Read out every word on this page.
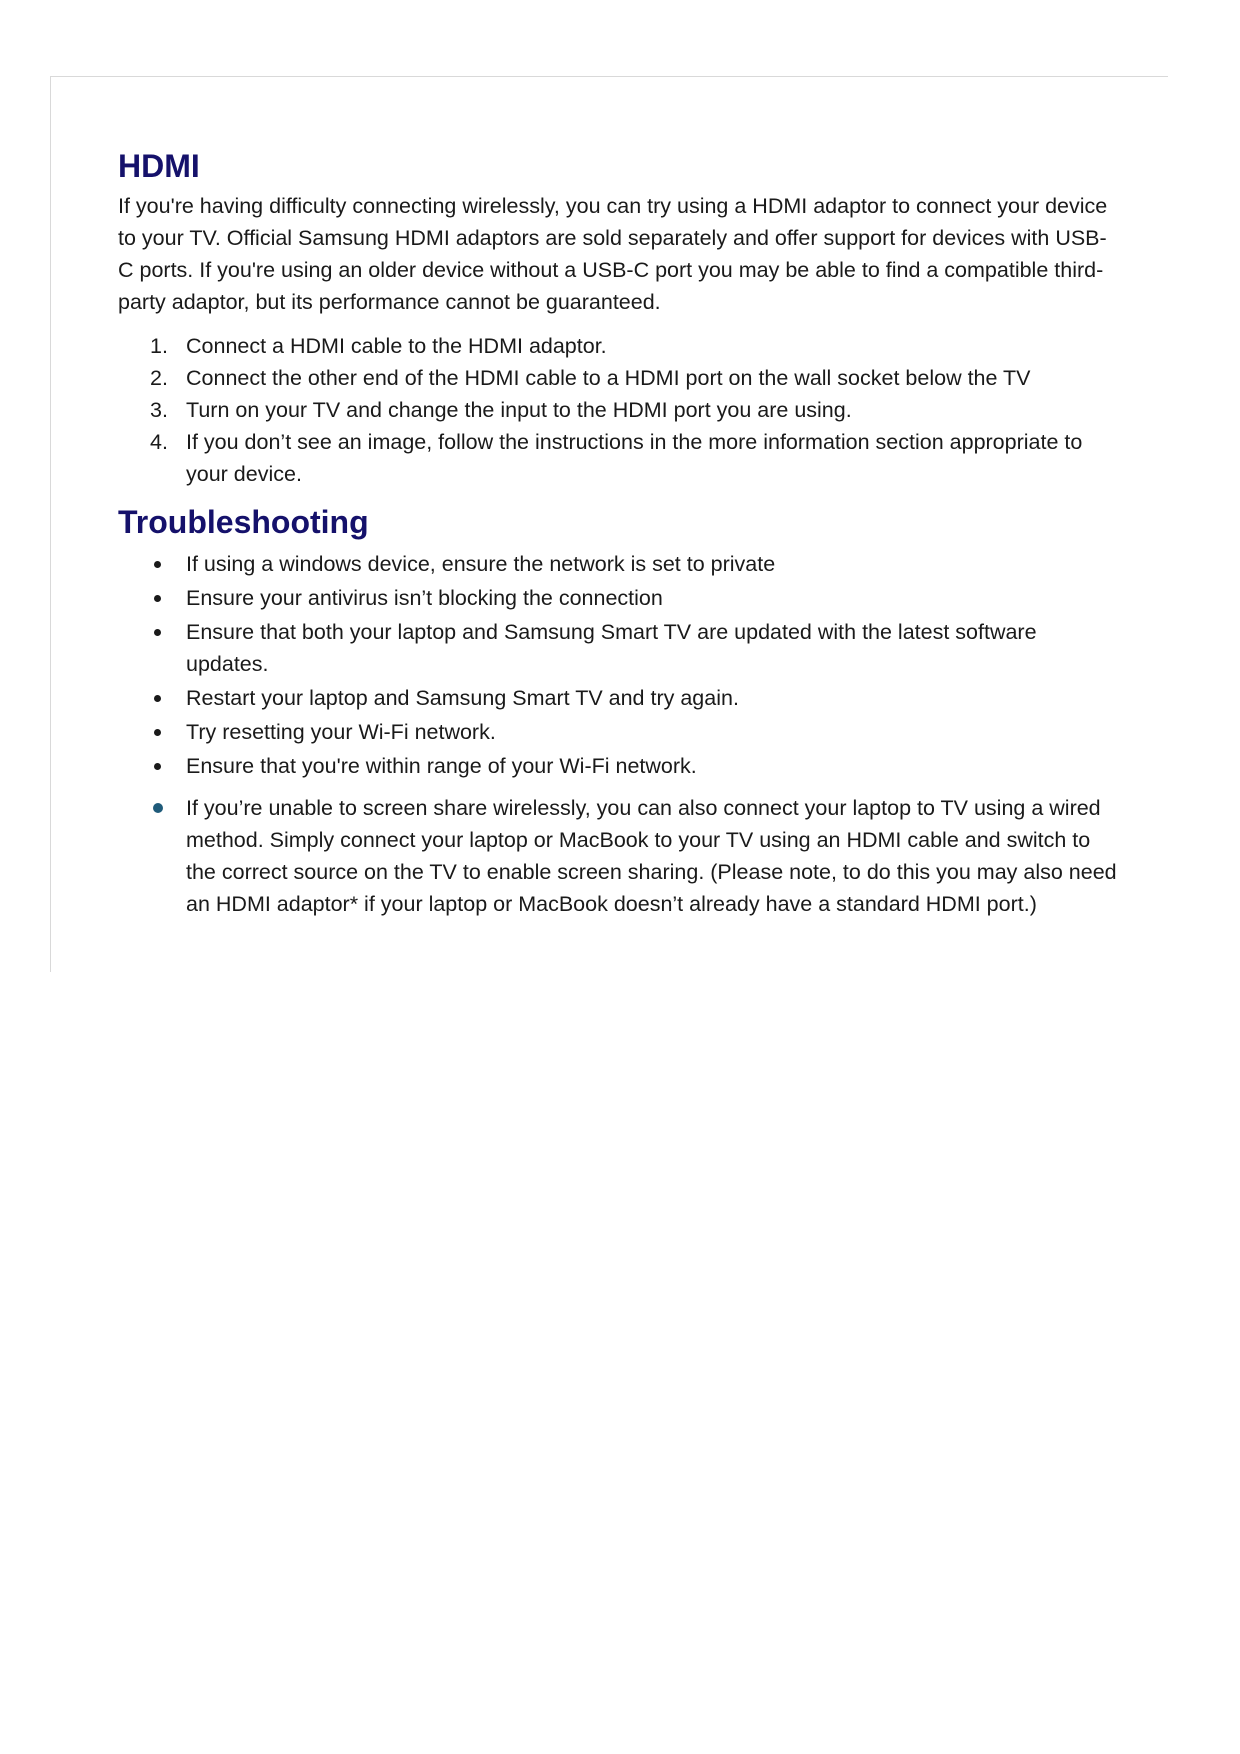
HDMI

If you're having difficulty connecting wirelessly, you can try using a HDMI adaptor to connect your device to your TV. Official Samsung HDMI adaptors are sold separately and offer support for devices with USB-C ports. If you're using an older device without a USB-C port you may be able to find a compatible third-party adaptor, but its performance cannot be guaranteed.

1. Connect a HDMI cable to the HDMI adaptor.
2. Connect the other end of the HDMI cable to a HDMI port on the wall socket below the TV
3. Turn on your TV and change the input to the HDMI port you are using.
4. If you don’t see an image, follow the instructions in the more information section appropriate to your device.
Troubleshooting
If using a windows device, ensure the network is set to private
Ensure your antivirus isn’t blocking the connection
Ensure that both your laptop and Samsung Smart TV are updated with the latest software updates.
Restart your laptop and Samsung Smart TV and try again.
Try resetting your Wi-Fi network.
Ensure that you're within range of your Wi-Fi network.
If you’re unable to screen share wirelessly, you can also connect your laptop to TV using a wired method. Simply connect your laptop or MacBook to your TV using an HDMI cable and switch to the correct source on the TV to enable screen sharing. (Please note, to do this you may also need an HDMI adaptor* if your laptop or MacBook doesn’t already have a standard HDMI port.)
